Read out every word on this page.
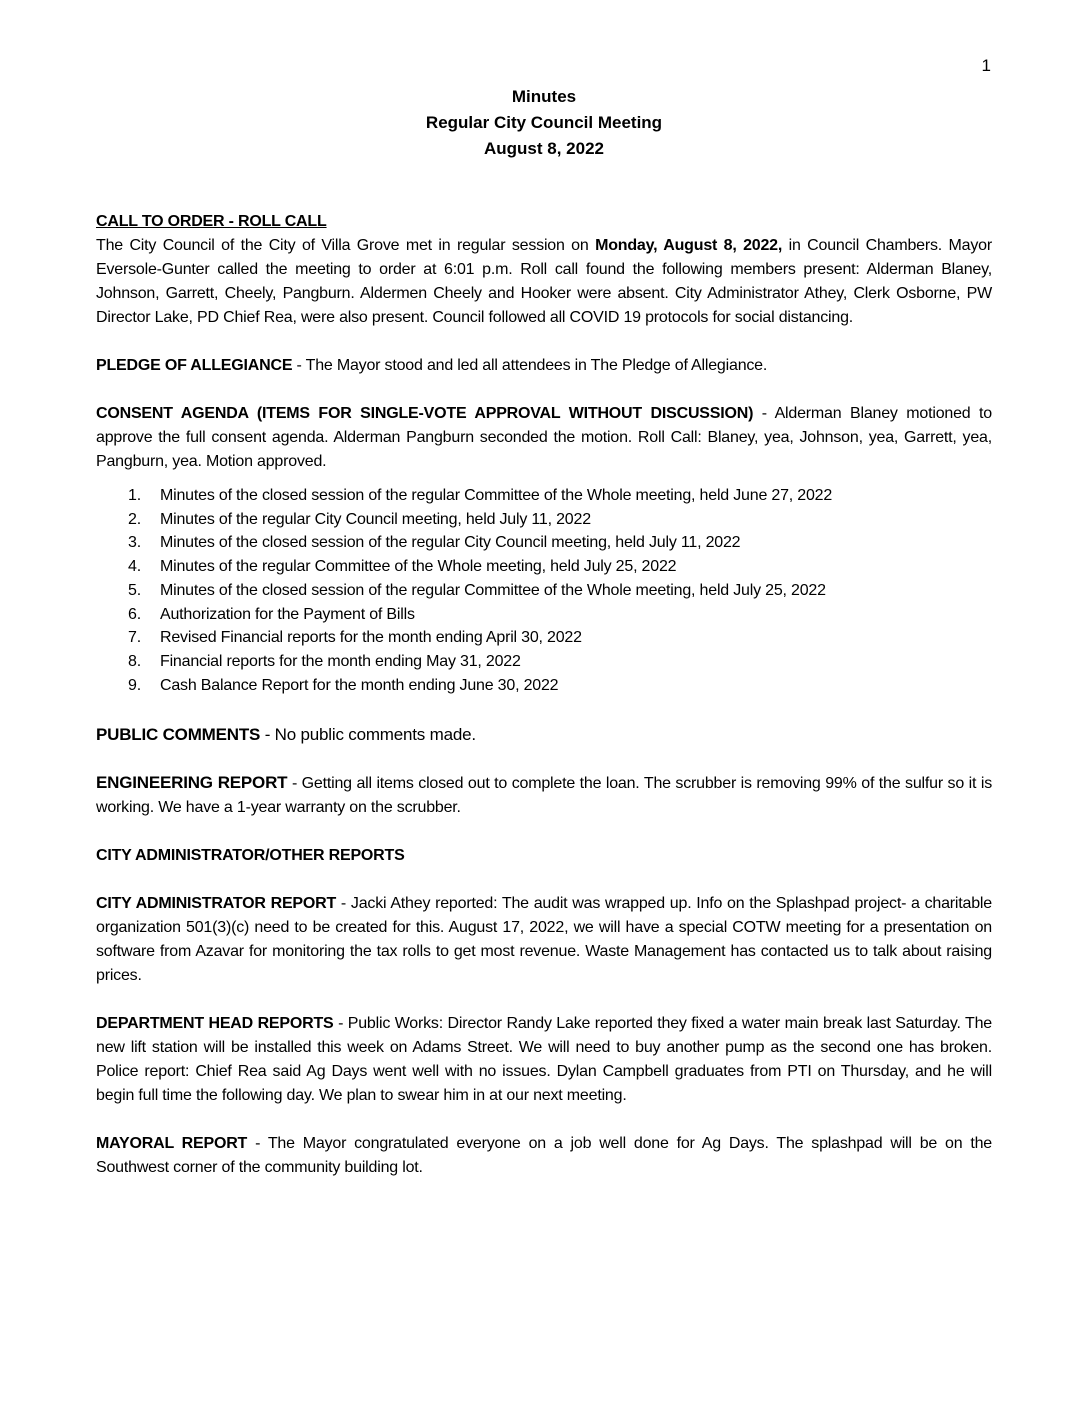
1
Minutes
Regular City Council Meeting
August 8, 2022
CALL TO ORDER - ROLL CALL
The City Council of the City of Villa Grove met in regular session on Monday, August 8, 2022, in Council Chambers. Mayor Eversole-Gunter called the meeting to order at 6:01 p.m. Roll call found the following members present: Alderman Blaney, Johnson, Garrett, Cheely, Pangburn. Aldermen Cheely and Hooker were absent. City Administrator Athey, Clerk Osborne, PW Director Lake, PD Chief Rea, were also present. Council followed all COVID 19 protocols for social distancing.
PLEDGE OF ALLEGIANCE - The Mayor stood and led all attendees in The Pledge of Allegiance.
CONSENT AGENDA (ITEMS FOR SINGLE-VOTE APPROVAL WITHOUT DISCUSSION) - Alderman Blaney motioned to approve the full consent agenda. Alderman Pangburn seconded the motion. Roll Call: Blaney, yea, Johnson, yea, Garrett, yea, Pangburn, yea. Motion approved.
1. Minutes of the closed session of the regular Committee of the Whole meeting, held June 27, 2022
2. Minutes of the regular City Council meeting, held July 11, 2022
3. Minutes of the closed session of the regular City Council meeting, held July 11, 2022
4. Minutes of the regular Committee of the Whole meeting, held July 25, 2022
5. Minutes of the closed session of the regular Committee of the Whole meeting, held July 25, 2022
6. Authorization for the Payment of Bills
7. Revised Financial reports for the month ending April 30, 2022
8. Financial reports for the month ending May 31, 2022
9. Cash Balance Report for the month ending June 30, 2022
PUBLIC COMMENTS - No public comments made.
ENGINEERING REPORT - Getting all items closed out to complete the loan. The scrubber is removing 99% of the sulfur so it is working. We have a 1-year warranty on the scrubber.
CITY ADMINISTRATOR/OTHER REPORTS
CITY ADMINISTRATOR REPORT - Jacki Athey reported: The audit was wrapped up. Info on the Splashpad project- a charitable organization 501(3)(c) need to be created for this. August 17, 2022, we will have a special COTW meeting for a presentation on software from Azavar for monitoring the tax rolls to get most revenue. Waste Management has contacted us to talk about raising prices.
DEPARTMENT HEAD REPORTS - Public Works: Director Randy Lake reported they fixed a water main break last Saturday. The new lift station will be installed this week on Adams Street. We will need to buy another pump as the second one has broken. Police report: Chief Rea said Ag Days went well with no issues. Dylan Campbell graduates from PTI on Thursday, and he will begin full time the following day. We plan to swear him in at our next meeting.
MAYORAL REPORT - The Mayor congratulated everyone on a job well done for Ag Days. The splashpad will be on the Southwest corner of the community building lot.
